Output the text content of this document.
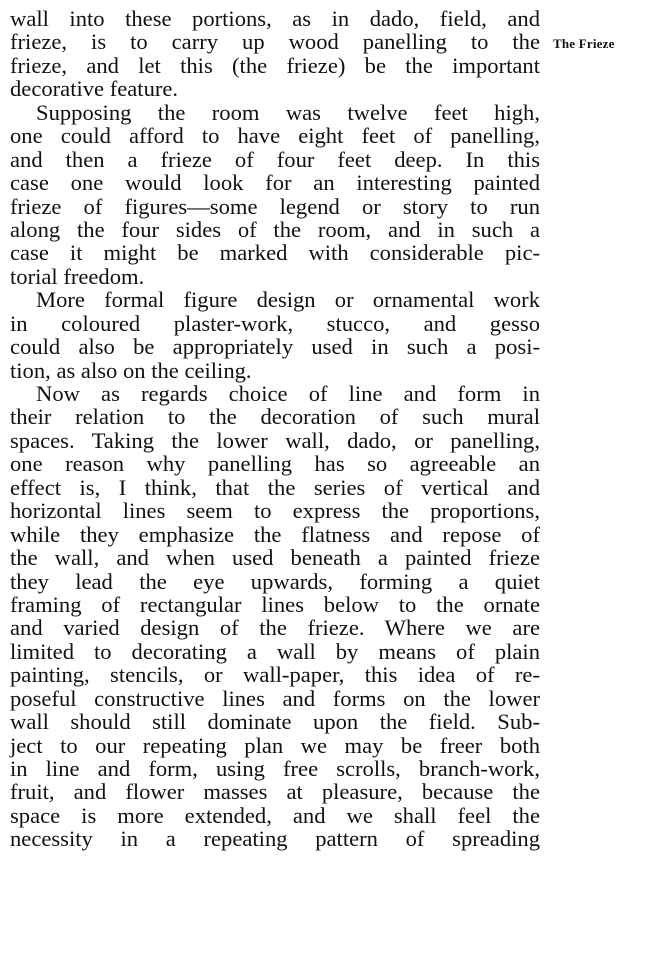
wall into these portions, as in dado, field, and
frieze, is to carry up wood panelling to the
frieze, and let this (the frieze) be the important
decorative feature.
Supposing the room was twelve feet high,
one could afford to have eight feet of panelling,
and then a frieze of four feet deep. In this
case one would look for an interesting painted
frieze of figures—some legend or story to run
along the four sides of the room, and in such a
case it might be marked with considerable pic-
torial freedom.
More formal figure design or ornamental work
in coloured plaster-work, stucco, and gesso
could also be appropriately used in such a posi-
tion, as also on the ceiling.
Now as regards choice of line and form in
their relation to the decoration of such mural
spaces. Taking the lower wall, dado, or panelling,
one reason why panelling has so agreeable an
effect is, I think, that the series of vertical and
horizontal lines seem to express the proportions,
while they emphasize the flatness and repose of
the wall, and when used beneath a painted frieze
they lead the eye upwards, forming a quiet
framing of rectangular lines below to the ornate
and varied design of the frieze. Where we are
limited to decorating a wall by means of plain
painting, stencils, or wall-paper, this idea of re-
poseful constructive lines and forms on the lower
wall should still dominate upon the field. Sub-
ject to our repeating plan we may be freer both
in line and form, using free scrolls, branch-work,
fruit, and flower masses at pleasure, because the
space is more extended, and we shall feel the
necessity in a repeating pattern of spreading
The Frieze
